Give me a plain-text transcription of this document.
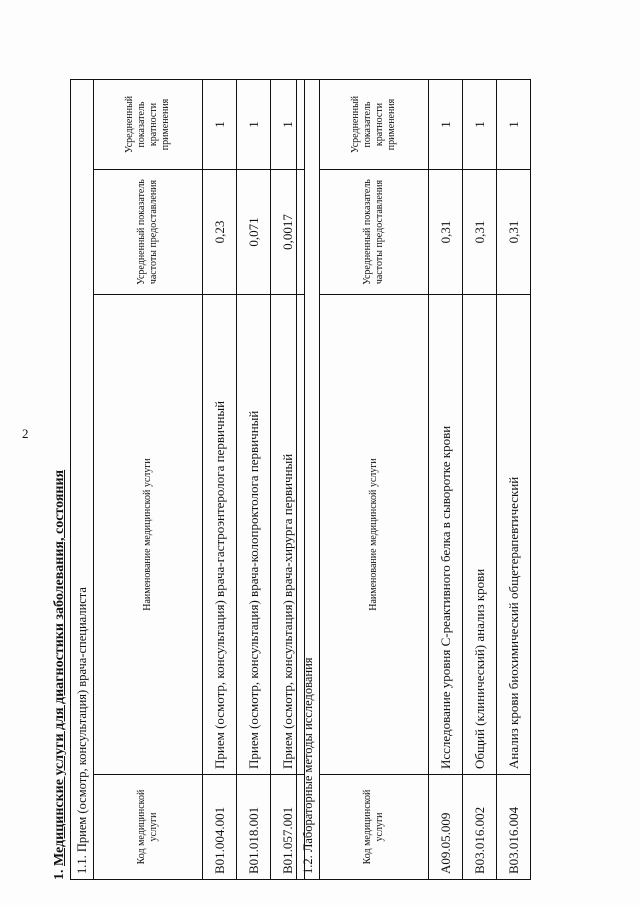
2
1. Медицинские услуги для диагностики заболевания, состояния 1.1. Прием (осмотр, консультация) врача-специалиста			
Код медицинской услуги	Наименование медицинской услуги	Усредненный показатель частоты предоставления	Усредненный показатель кратности применения
B01.004.001	Прием (осмотр, консультация) врача-гастроэнтеролога первичный	0,23	1
B01.018.001	Прием (осмотр, консультация) врача-колопроктолога первичный	0,071	1
B01.057.001	Прием (осмотр, консультация) врача-хирурга первичный	0,0017	1
1.2. Лабораторные методы исследования			
Код медицинской услуги	Наименование медицинской услуги	Усредненный показатель частоты предоставления	Усредненный показатель кратности применения
A09.05.009	Исследование уровня С-реактивного белка в сыворотке крови	0,31	1
B03.016.002	Общий (клинический) анализ крови	0,31	1
B03.016.004	Анализ крови биохимический общетерапевтический	0,31	1
